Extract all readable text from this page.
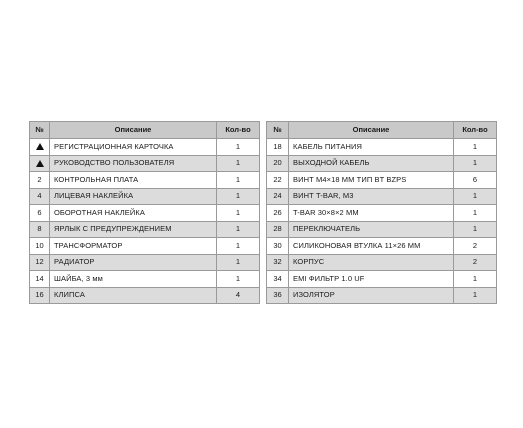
№	Описание	Кол-во
	РЕГИСТРАЦИОННАЯ КАРТОЧКА	1
	РУКОВОДСТВО ПОЛЬЗОВАТЕЛЯ	1
2	КОНТРОЛЬНАЯ ПЛАТА	1
4	ЛИЦЕВАЯ НАКЛЕЙКА	1
6	ОБОРОТНАЯ НАКЛЕЙКА	1
8	ЯРЛЫК С ПРЕДУПРЕЖДЕНИЕМ	1
10	ТРАНСФОРМАТОР	1
12	РАДИАТОР	1
14	ШАЙБА, 3 мм	1
16	КЛИПСА	4
№	Описание	Кол-во
18	КАБЕЛЬ ПИТАНИЯ	1
20	ВЫХОДНОЙ КАБЕЛЬ	1
22	ВИНТ M4×18 ММ ТИП BT BZPS	6
24	ВИНТ T-BAR, M3	1
26	T-BAR 30×8×2 ММ	1
28	ПЕРЕКЛЮЧАТЕЛЬ	1
30	СИЛИКОНОВАЯ ВТУЛКА 11×26 ММ	2
32	КОРПУС	2
34	EMI ФИЛЬТР 1.0 UF	1
36	ИЗОЛЯТОР	1
